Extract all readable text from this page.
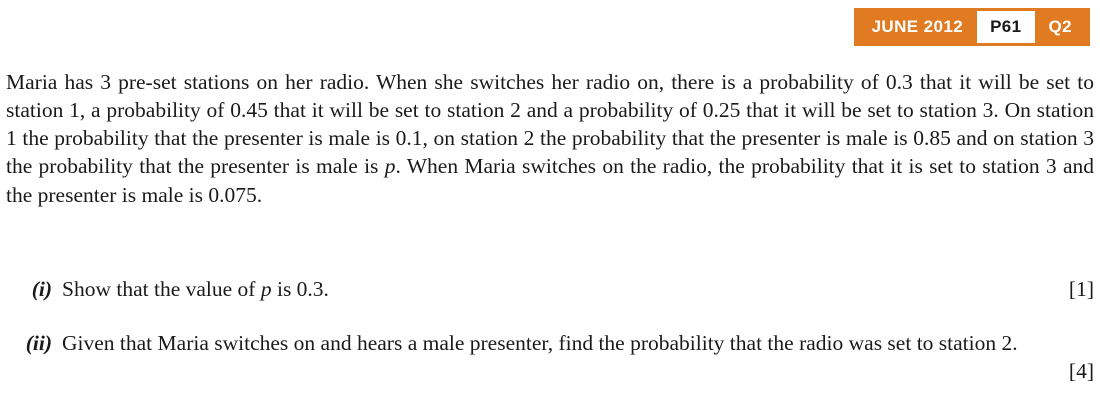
JUNE 2012	P61	Q2

Maria has 3 pre-set stations on her radio. When she switches her radio on, there is a probability of 0.3 that it will be set to station 1, a probability of 0.45 that it will be set to station 2 and a probability of 0.25 that it will be set to station 3. On station 1 the probability that the presenter is male is 0.1, on station 2 the probability that the presenter is male is 0.85 and on station 3 the probability that the presenter is male is p. When Maria switches on the radio, the probability that it is set to station 3 and the presenter is male is 0.075.

(i) Show that the value of p is 0.3.	[1]
(ii) Given that Maria switches on and hears a male presenter, find the probability that the radio was set to station 2.
[4]
